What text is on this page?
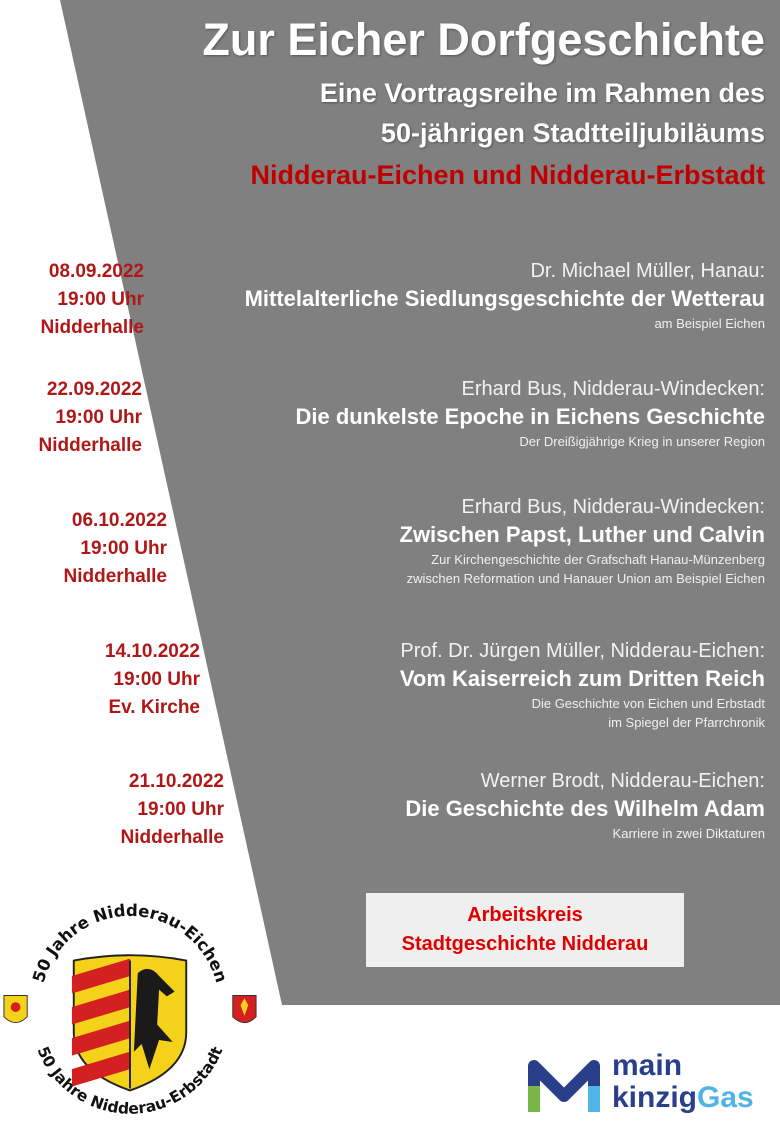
Zur Eicher Dorfgeschichte
Eine Vortragsreihe im Rahmen des
50-jährigen Stadtteiljubiläums
Nidderau-Eichen und Nidderau-Erbstadt
08.09.2022
19:00 Uhr
Nidderhalle
Dr. Michael Müller, Hanau:
Mittelalterliche Siedlungsgeschichte der Wetterau
am Beispiel Eichen
22.09.2022
19:00 Uhr
Nidderhalle
Erhard Bus, Nidderau-Windecken:
Die dunkelste Epoche in Eichens Geschichte
Der Dreißigjährige Krieg in unserer Region
06.10.2022
19:00 Uhr
Nidderhalle
Erhard Bus, Nidderau-Windecken:
Zwischen Papst, Luther und Calvin
Zur Kirchengeschichte der Grafschaft Hanau-Münzenberg
zwischen Reformation und Hanauer Union am Beispiel Eichen
14.10.2022
19:00 Uhr
Ev. Kirche
Prof. Dr. Jürgen Müller, Nidderau-Eichen:
Vom Kaiserreich zum Dritten Reich
Die Geschichte von Eichen und Erbstadt
im Spiegel der Pfarrchronik
21.10.2022
19:00 Uhr
Nidderhalle
Werner Brodt, Nidderau-Eichen:
Die Geschichte des Wilhelm Adam
Karriere in zwei Diktaturen
Arbeitskreis
Stadtgeschichte Nidderau
50 Jahre Nidderau-Eichen
50 Jahre Nidderau-Erbstadt	main
kinzigGas
